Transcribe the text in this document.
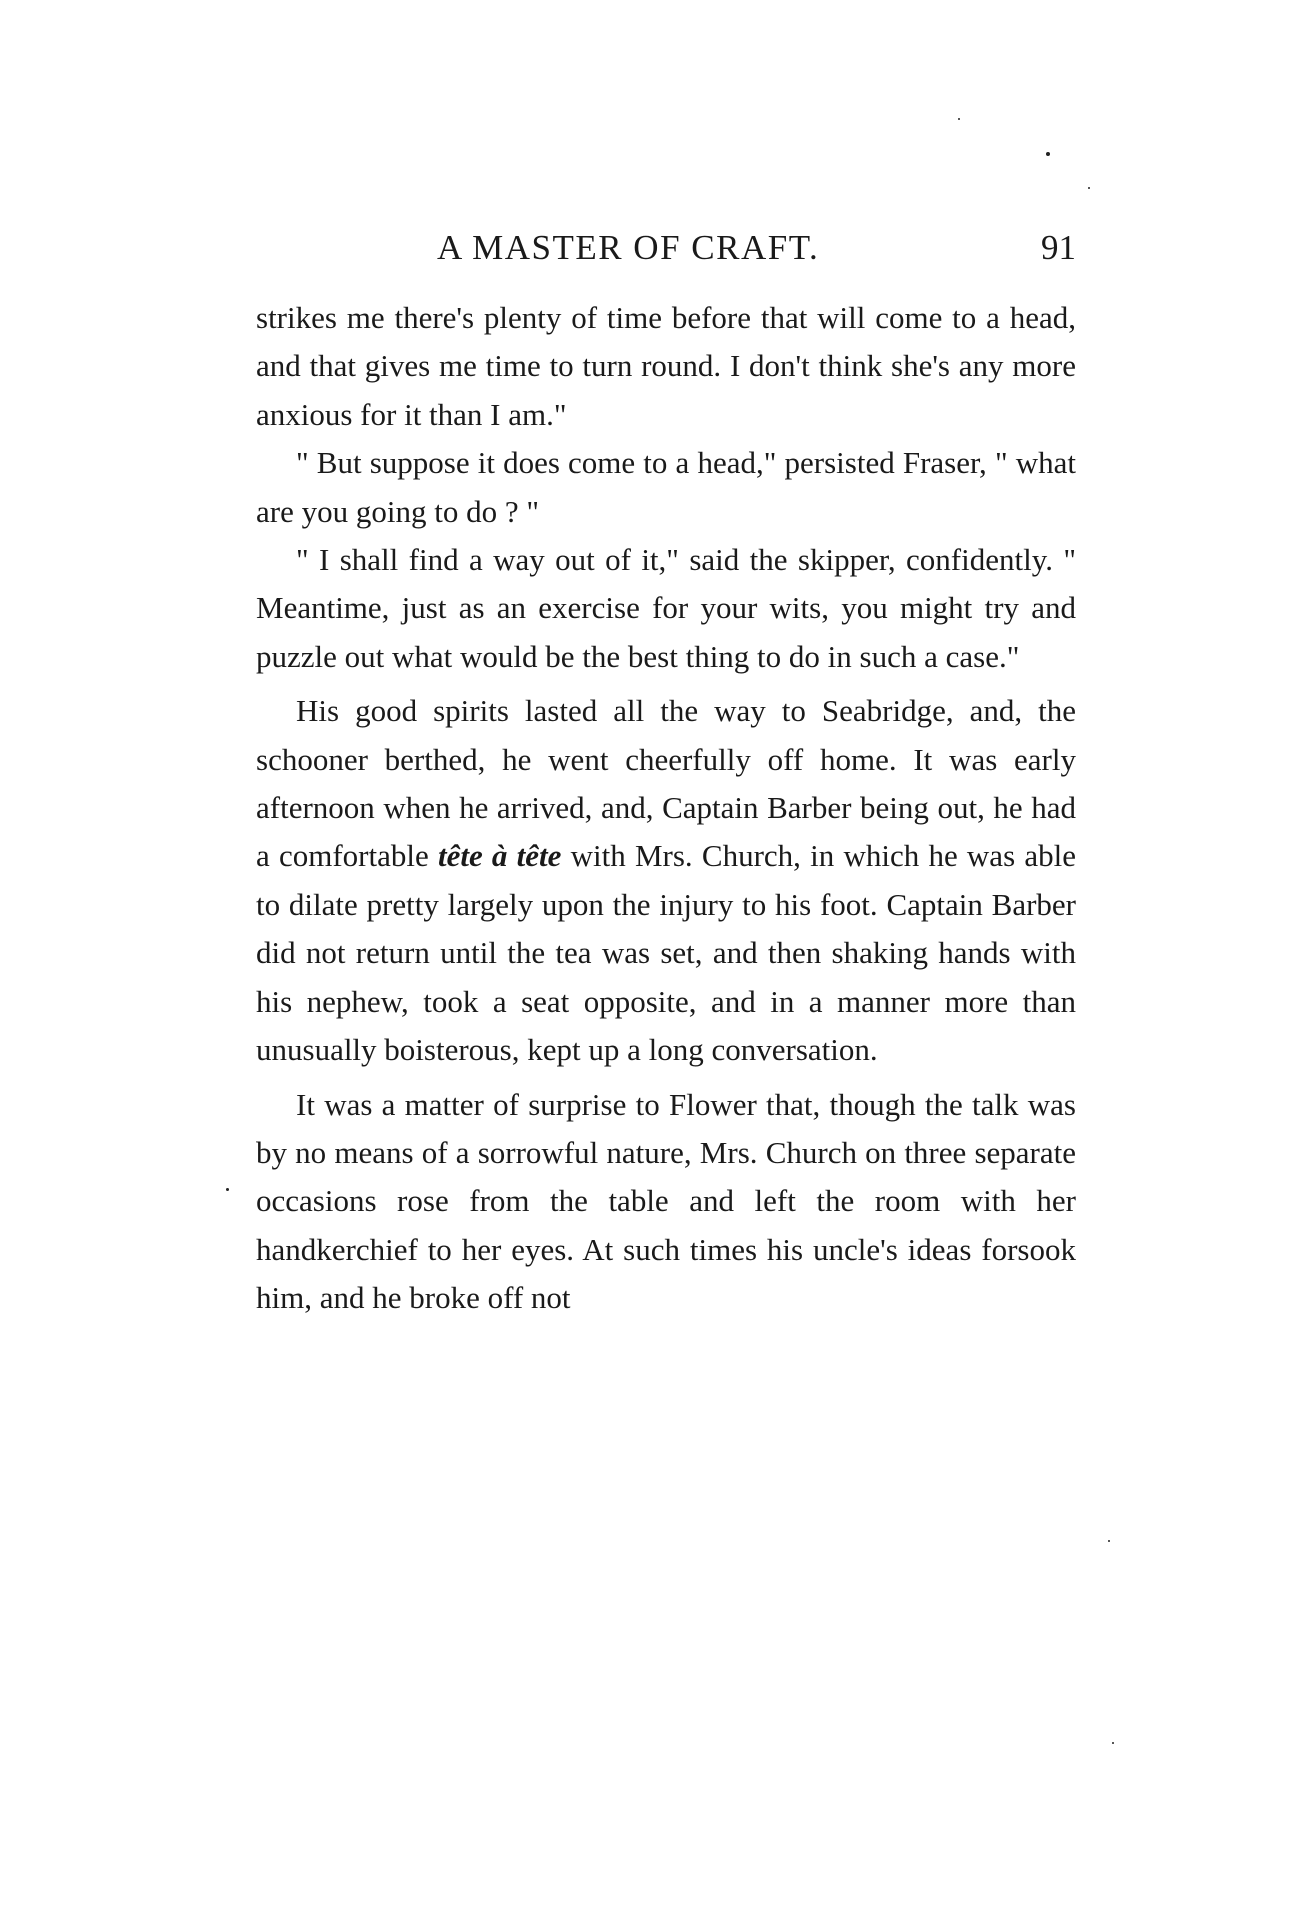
A MASTER OF CRAFT.	91

strikes me there's plenty of time before that will come to a head, and that gives me time to turn round. I don't think she's any more anxious for it than I am."

" But suppose it does come to a head," persisted Fraser, " what are you going to do ? "

" I shall find a way out of it," said the skipper, confidently. " Meantime, just as an exercise for your wits, you might try and puzzle out what would be the best thing to do in such a case."

His good spirits lasted all the way to Seabridge, and, the schooner berthed, he went cheerfully off home. It was early afternoon when he arrived, and, Captain Barber being out, he had a comfortable tête à tête with Mrs. Church, in which he was able to dilate pretty largely upon the injury to his foot. Captain Barber did not return until the tea was set, and then shaking hands with his nephew, took a seat opposite, and in a manner more than unusually boisterous, kept up a long conversation.

It was a matter of surprise to Flower that, though the talk was by no means of a sorrowful nature, Mrs. Church on three separate occasions rose from the table and left the room with her handkerchief to her eyes. At such times his uncle's ideas forsook him, and he broke off not
